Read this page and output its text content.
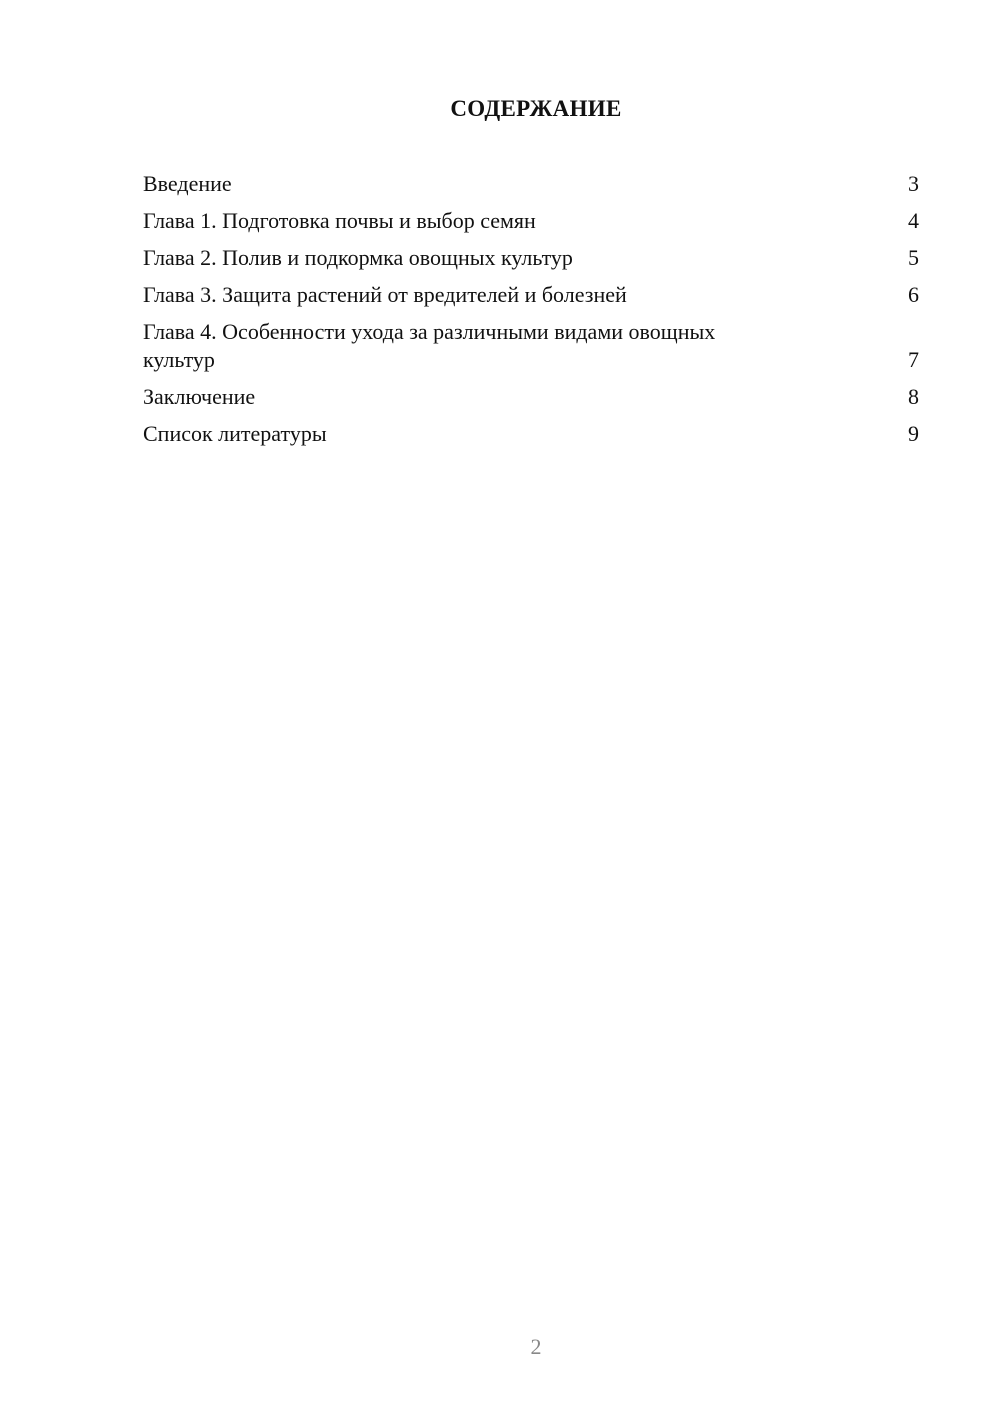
СОДЕРЖАНИЕ
Введение	3
Глава 1. Подготовка почвы и выбор семян	4
Глава 2. Полив и подкормка овощных культур	5
Глава 3. Защита растений от вредителей и болезней	6
Глава 4. Особенности ухода за различными видами овощных культур	7
Заключение	8
Список литературы	9
2
